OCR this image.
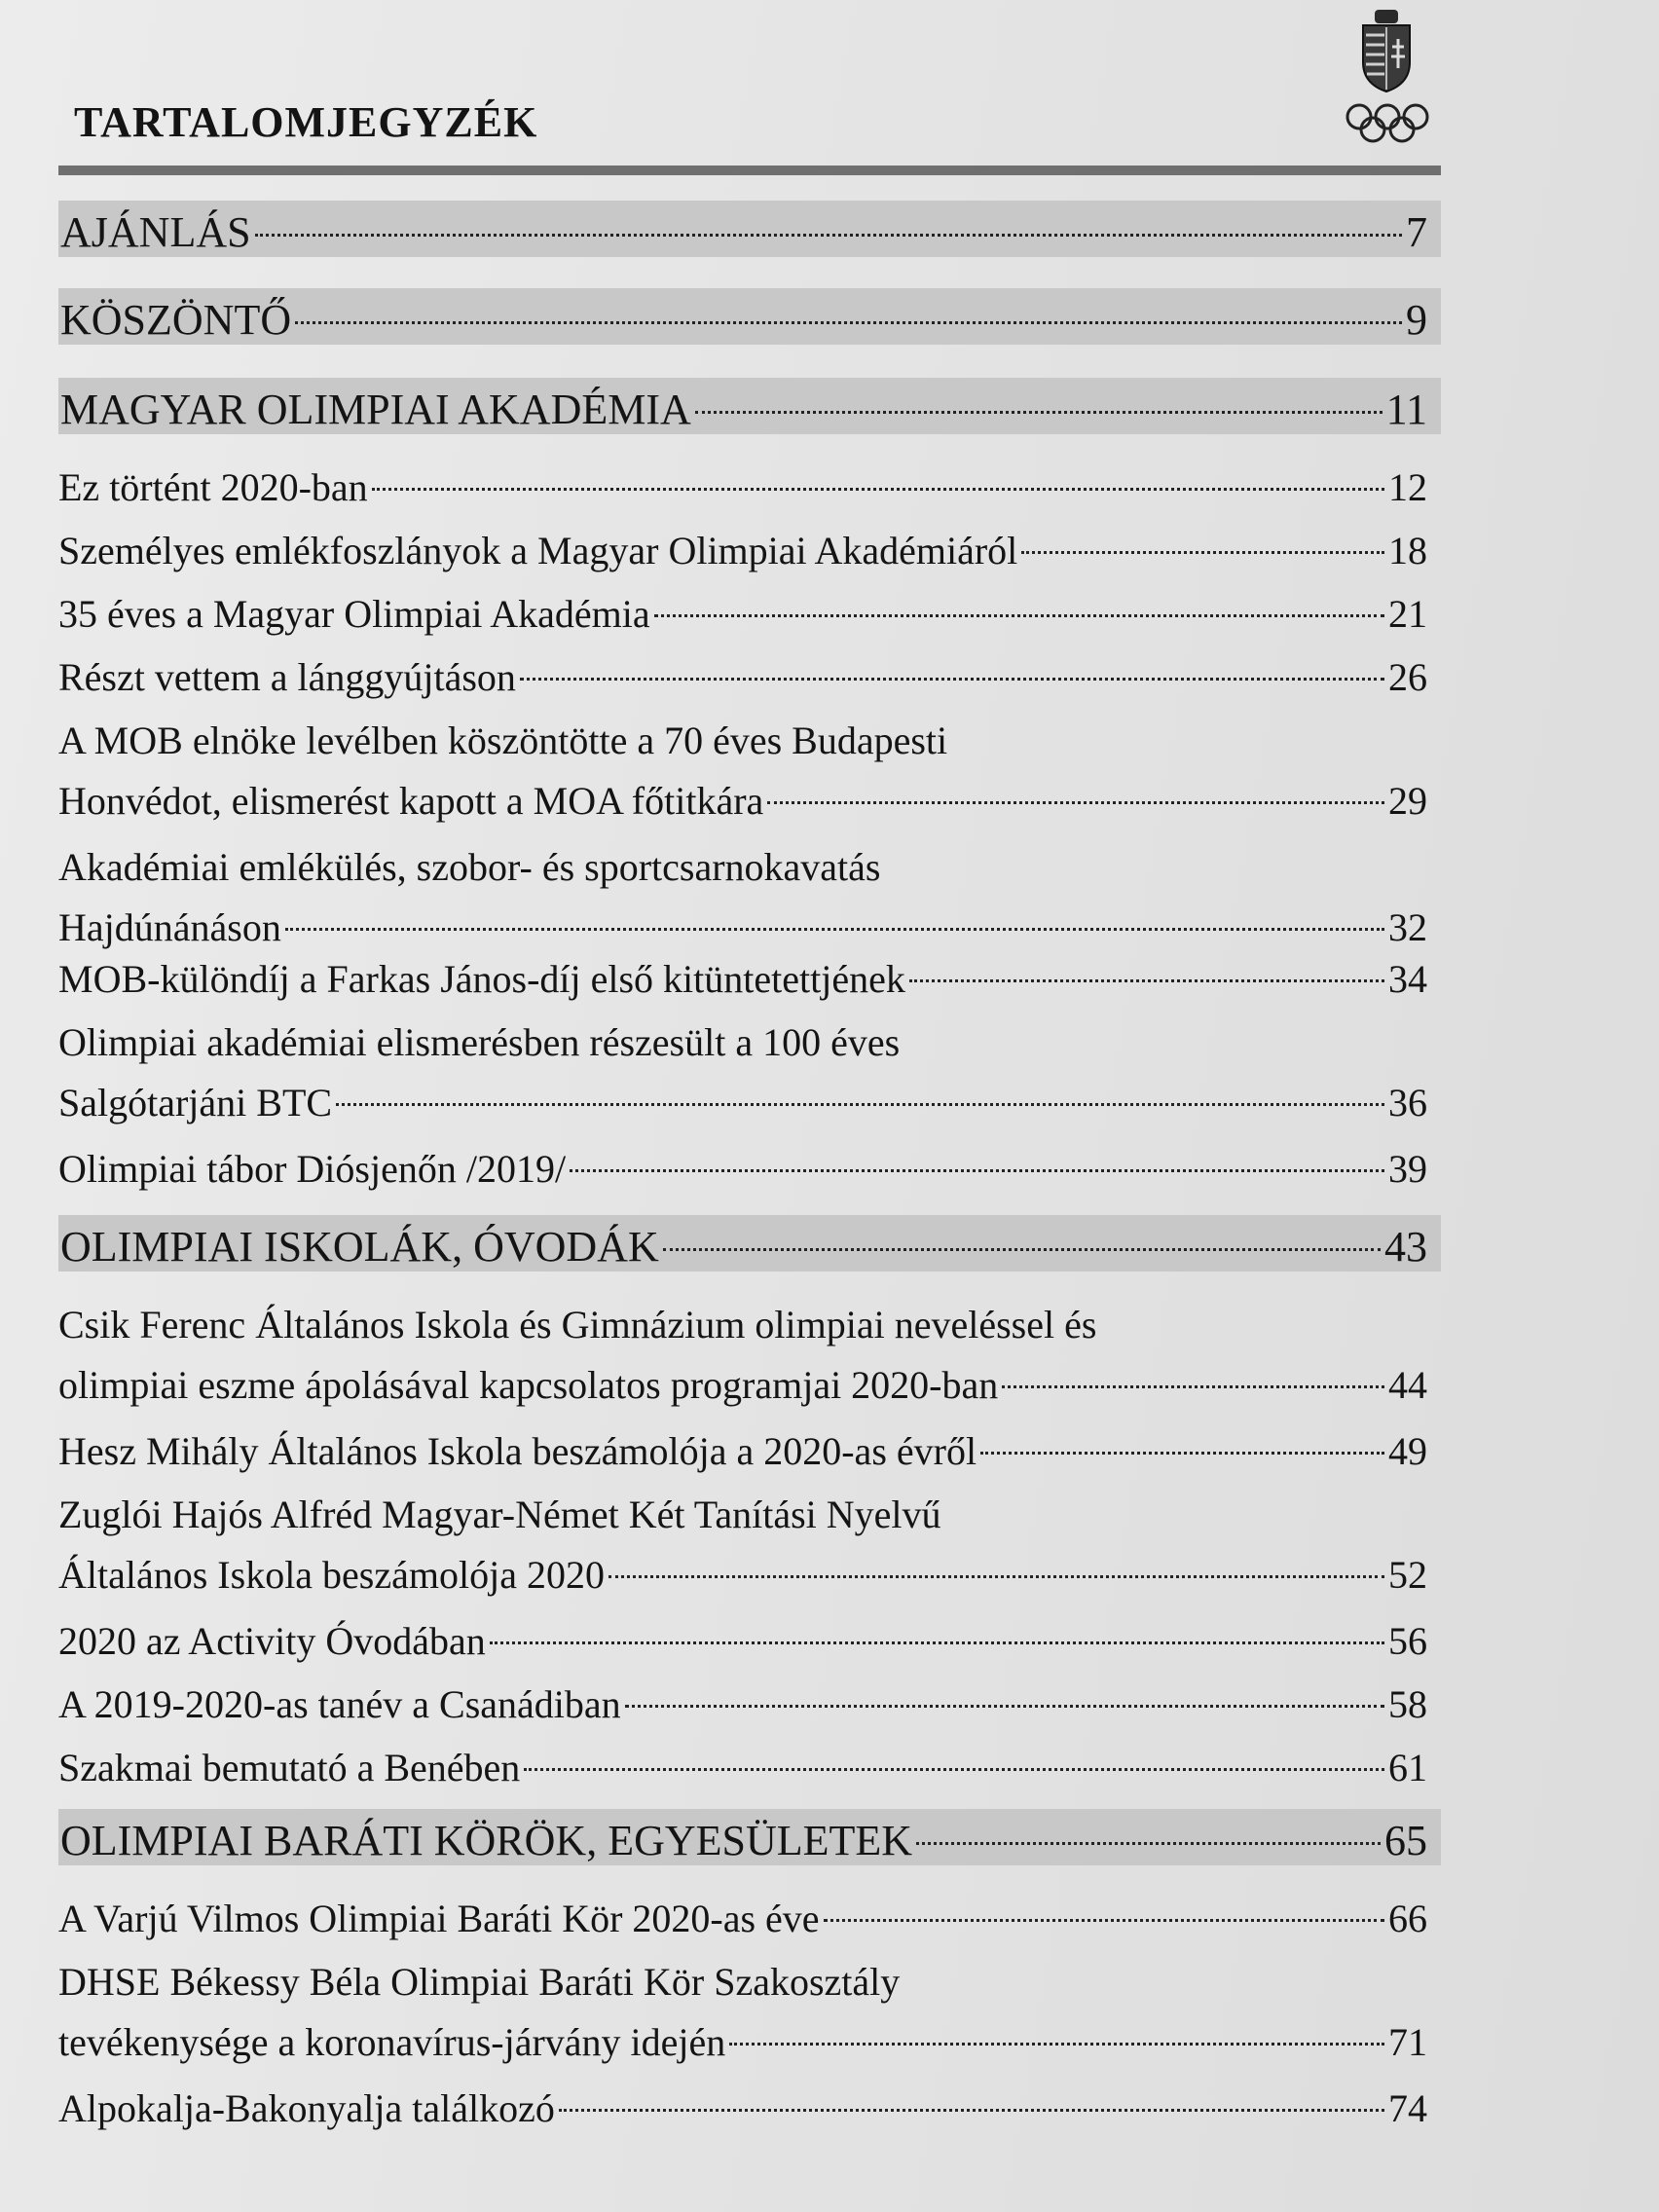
TARTALOMJEGYZÉK
AJÁNLÁS	7
KÖSZÖNTŐ	9
MAGYAR OLIMPIAI AKADÉMIA	11
Ez történt 2020-ban	12
Személyes emlékfoszlányok a Magyar Olimpiai Akadémiáról	18
35 éves a Magyar Olimpiai Akadémia	21
Részt vettem a lánggyújtáson	26
A MOB elnöke levélben köszöntötte a 70 éves Budapesti
Honvédot, elismerést kapott a MOA főtitkára	29
Akadémiai emlékülés, szobor- és sportcsarnokavatás
Hajdúnánáson	32
MOB-különdíj a Farkas János-díj első kitüntetettjének	34
Olimpiai akadémiai elismerésben részesült a 100 éves
Salgótarjáni BTC	36
Olimpiai tábor Diósjenőn /2019/	39
OLIMPIAI ISKOLÁK, ÓVODÁK	43
Csik Ferenc Általános Iskola és Gimnázium olimpiai neveléssel és
olimpiai eszme ápolásával kapcsolatos programjai 2020-ban	44
Hesz Mihály Általános Iskola beszámolója a 2020-as évről	49
Zuglói Hajós Alfréd Magyar-Német Két Tanítási Nyelvű
Általános Iskola beszámolója 2020	52
2020 az Activity Óvodában	56
A 2019-2020-as tanév a Csanádiban	58
Szakmai bemutató a Benében	61
OLIMPIAI BARÁTI KÖRÖK, EGYESÜLETEK	65
A Varjú Vilmos Olimpiai Baráti Kör 2020-as éve	66
DHSE Békessy Béla Olimpiai Baráti Kör Szakosztály
tevékenysége a koronavírus-járvány idején	71
Alpokalja-Bakonyalja találkozó	74
